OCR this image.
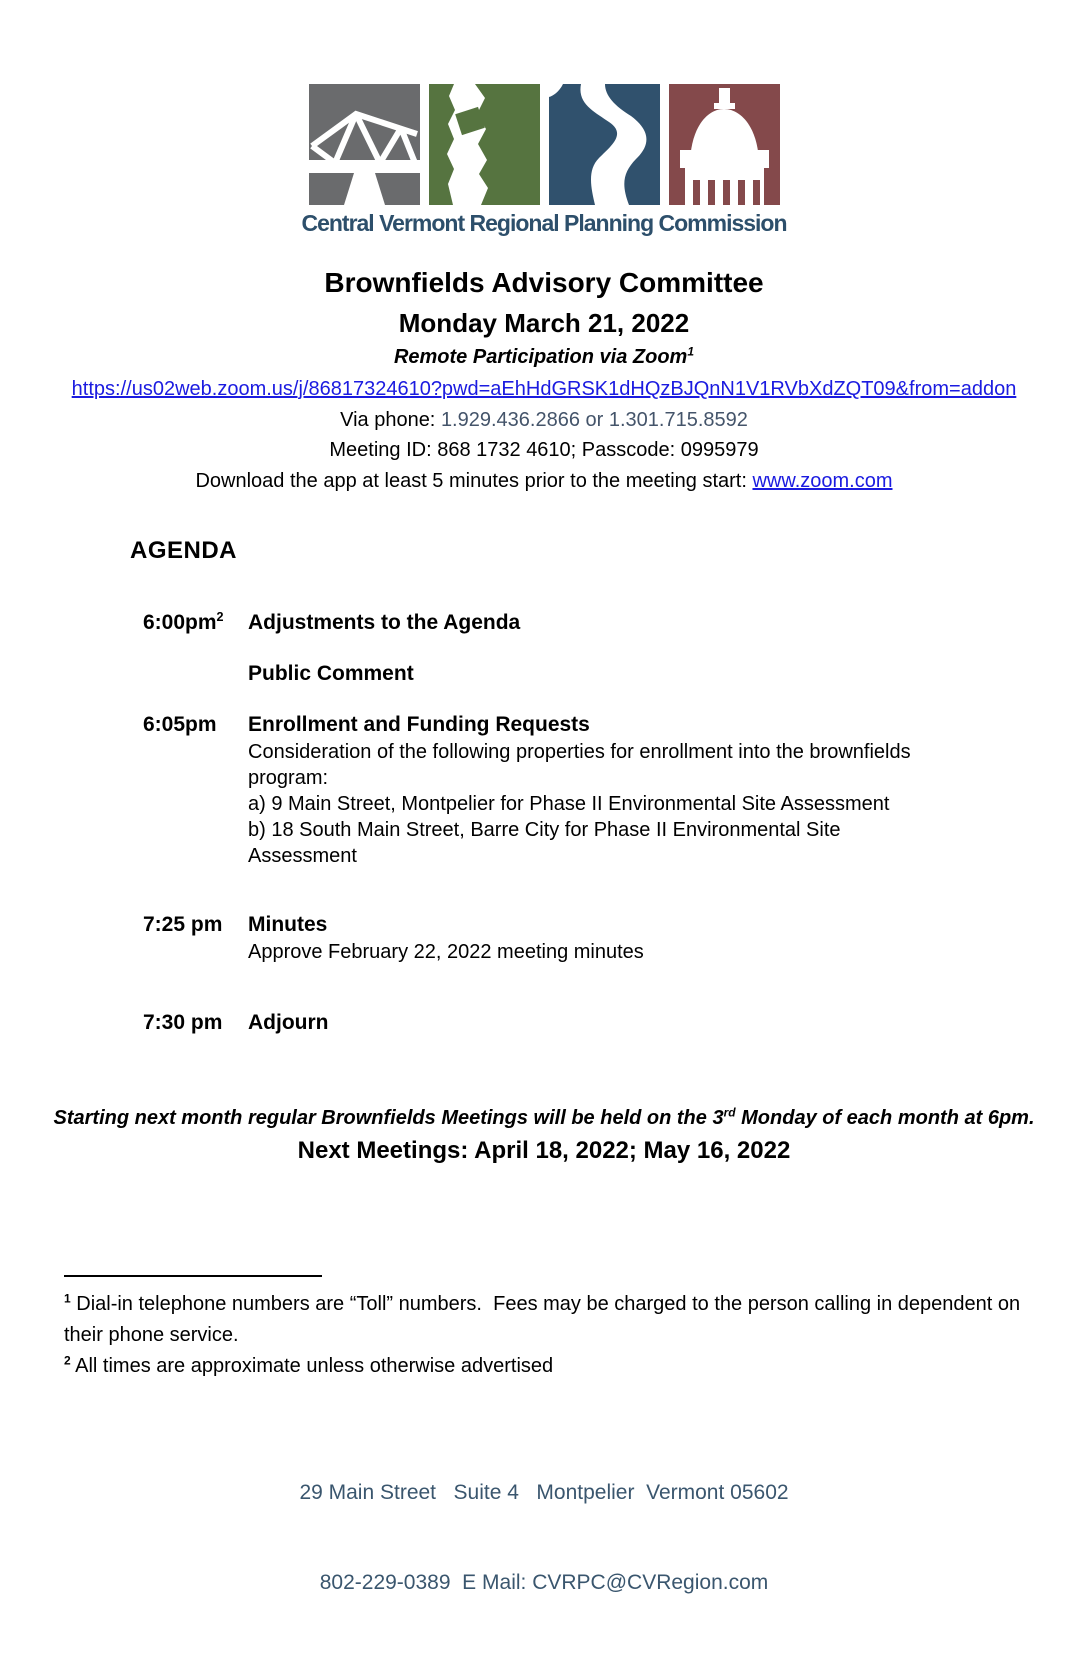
Central Vermont Regional Planning Commission
Brownfields Advisory Committee
Monday March 21, 2022
Remote Participation via Zoom$^1$
https://us02web.zoom.us/j/86817324610?pwd=aEhHdGRSK1dHQzBJQnN1V1RVbXdZQT09&from=addon
Via phone: 1.929.436.2866 or 1.301.715.8592
Meeting ID: 868 1732 4610; Passcode: 0995979
Download the app at least 5 minutes prior to the meeting start: www.zoom.com
AGENDA
$6:00pm^2$	Adjustments to the Agenda
Public Comment
6:05pm	Enrollment and Funding Requests
Consideration of the following properties for enrollment into the brownfields program:
a) 9 Main Street, Montpelier for Phase II Environmental Site Assessment
b) 18 South Main Street, Barre City for Phase II Environmental Site Assessment
7:25 pm	Minutes
Approve February 22, 2022 meeting minutes
7:30 pm	Adjourn
Starting next month regular Brownfields Meetings will be held on the 3rd Monday of each month at 6pm.
Next Meetings: April 18, 2022; May 16, 2022
$^1$ Dial-in telephone numbers are “Toll” numbers.  Fees may be charged to the person calling in dependent on their phone service.
$^2$ All times are approximate unless otherwise advertised

29 Main Street   Suite 4   Montpelier  Vermont 05602

802-229-0389  E Mail: CVRPC@CVRegion.com
